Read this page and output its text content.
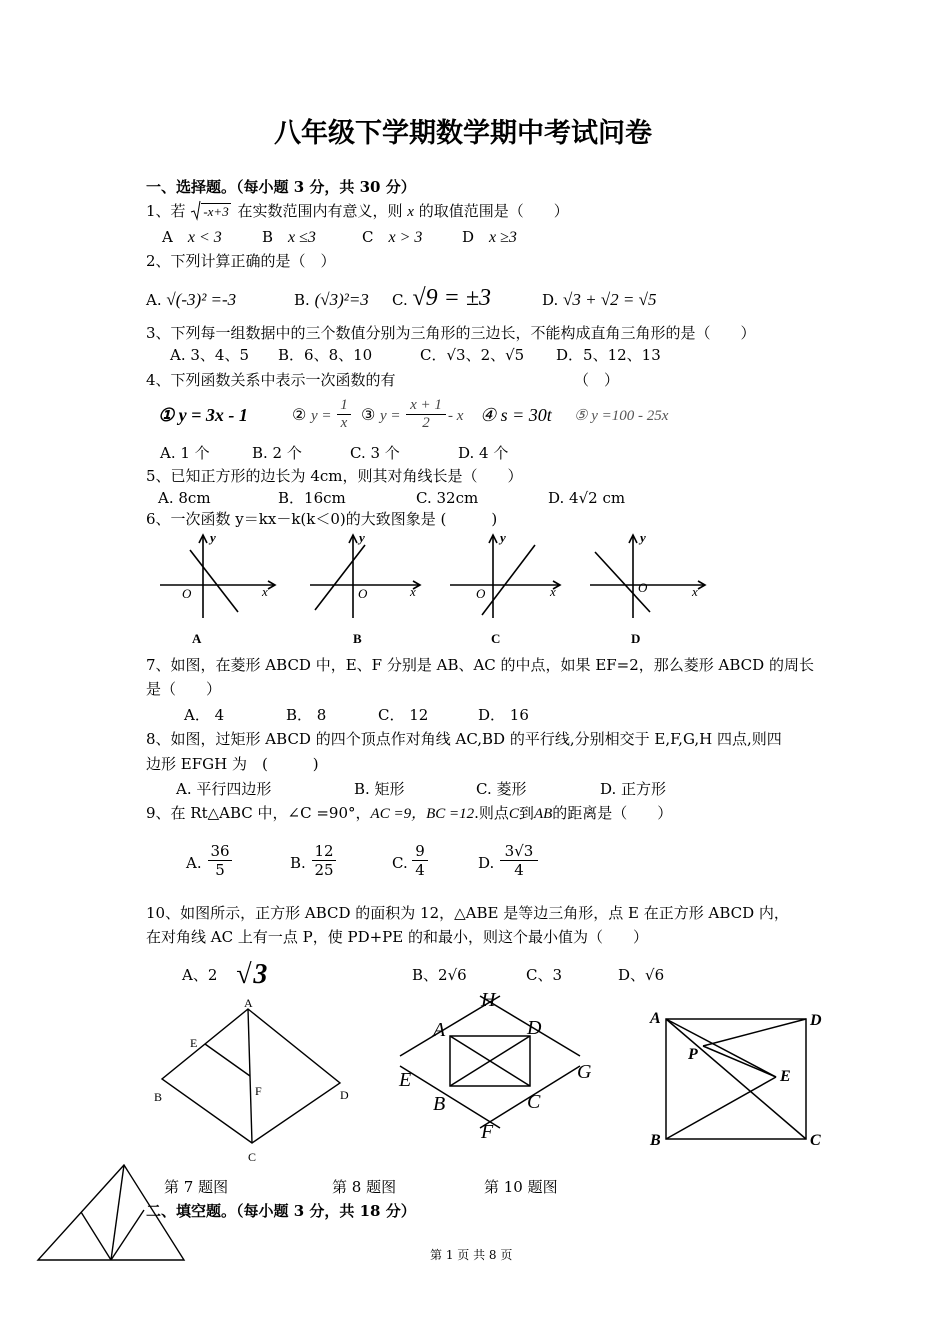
八年级下学期数学期中考试问卷
一、选择题。（每小题 3 分，共 30 分）
1、若 -x+3 在实数范围内有意义，则 x 的取值范围是（　　）
A　 x < 3	B　 x ≤3	C　 x > 3	D　 x ≥3
2、下列计算正确的是（　）
A. √(-3)² =-3	B. (√3)²=3 C. √9 = ±3	D. √3 + √2 = √5
3、下列每一组数据中的三个数值分别为三角形的三边长，不能构成直角三角形的是（　　）
A. 3、4、5 B．6、8、10	C．√3、2、√5 D．5、12、13
4、下列函数关系中表示一次函数的有	（　）
① y = 3x - 1	② $y = \frac{1}{x}$ ③ $y = \frac{x + 1}{2} - x$ ④ s = 30t ⑤ y =100 - 25x
A. 1 个	B. 2 个	C. 3 个	D. 4 个
5、已知正方形的边长为 4cm，则其对角线长是（　　）
A. 8cm	B．16cm	C. 32cm	D. 4√2 cm
6、一次函数 y＝kx－k(k＜0)的大致图象是 (　　　)
y
x
O
A
y
x
O
B
y
x
O
C
y
x
O
D
7、如图，在菱形 ABCD 中，E、F 分别是 AB、AC 的中点，如果 EF=2，那么菱形 ABCD 的周长
是（　　）
A． 4	B． 8	C． 12	D． 16
8、如图，过矩形 ABCD 的四个顶点作对角线 AC,BD 的平行线,分别相交于 E,F,G,H 四点,则四
边形 EFGH 为　(　　　)
A. 平行四边形	B. 矩形	C. 菱形	D. 正方形
9、在 Rt△ABC 中，∠C =90°，AC =9，BC =12.则点C到AB的距离是（　　）
A. $\frac{36}{5}$	B. $\frac{12}{25}$	C. $\frac{9}{4}$	D. $\frac{3√3}{4}$
10、如图所示，正方形 ABCD 的面积为 12，△ABE 是等边三角形，点 E 在正方形 ABCD 内，
在对角线 AC 上有一点 P，使 PD+PE 的和最小，则这个最小值为（　　）
A、2 √3	B、2√6	C、3	D、√6
A
E
F
B	D
C
H
A	D
E	G
B	C
F
A	D
P
E
B	C
第 7 题图	第 8 题图	第 10 题图
二、填空题。（每小题 3 分，共 18 分）
第 1 页 共 8 页
